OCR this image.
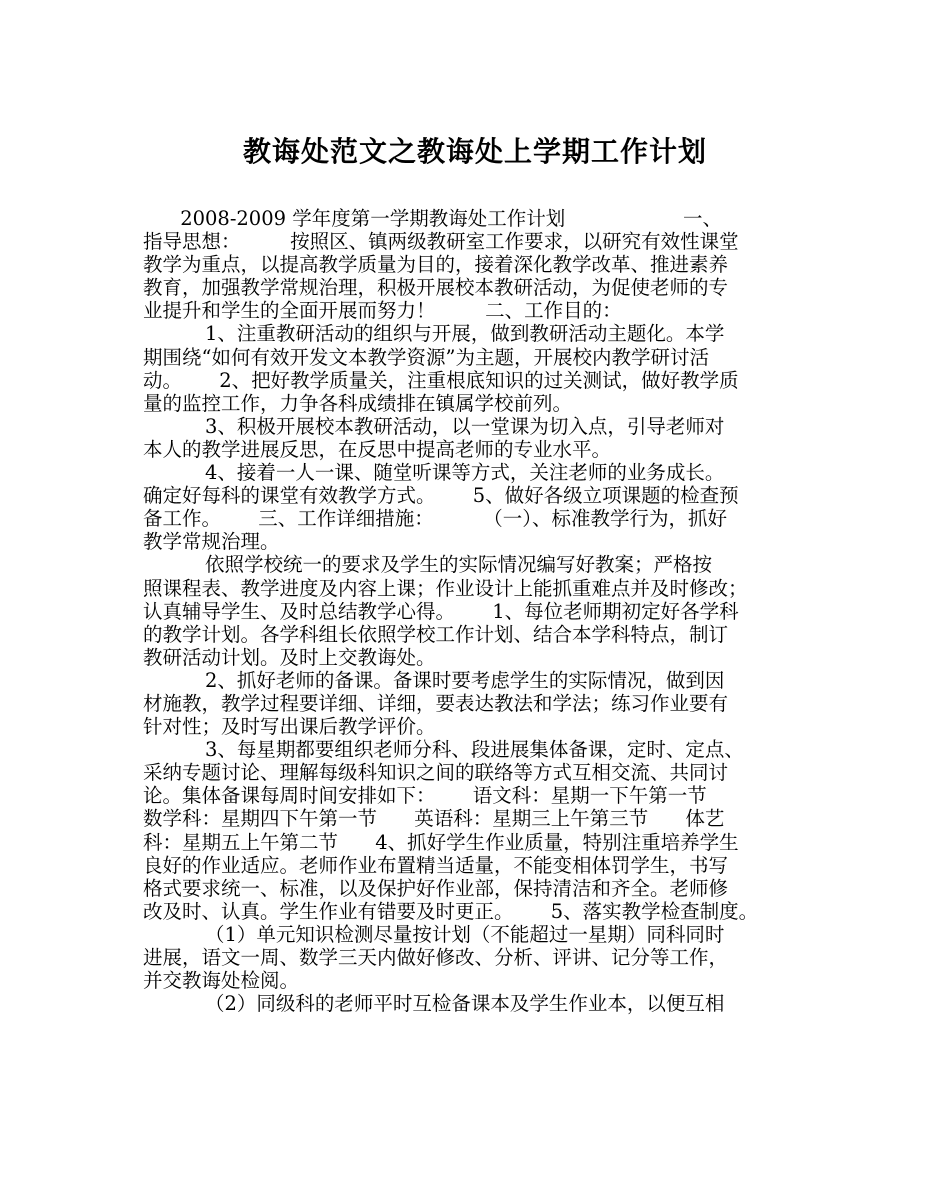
教诲处范文之教诲处上学期工作计划
2008-2009 学年度第一学期教诲处工作计划                   一、
指导思想：        按照区、镇两级教研室工作要求，以研究有效性课堂
教学为重点，以提高教学质量为目的，接着深化教学改革、推进素养
教育，加强教学常规治理，积极开展校本教研活动，为促使老师的专
业提升和学生的全面开展而努力！        二、工作目的：
1、注重教研活动的组织与开展，做到教研活动主题化。本学
期围绕“如何有效开发文本教学资源”为主题，开展校内教学研讨活
动。      2、把好教学质量关，注重根底知识的过关测试，做好教学质
量的监控工作，力争各科成绩排在镇属学校前列。
3、积极开展校本教研活动，以一堂课为切入点，引导老师对
本人的教学进展反思，在反思中提高老师的专业水平。
4、接着一人一课、随堂听课等方式，关注老师的业务成长。
确定好每科的课堂有效教学方式。      5、做好各级立项课题的检查预
备工作。      三、工作详细措施：        （一）、标准教学行为，抓好
教学常规治理。
依照学校统一的要求及学生的实际情况编写好教案；严格按
照课程表、教学进度及内容上课；作业设计上能抓重难点并及时修改；
认真辅导学生、及时总结教学心得。      1、每位老师期初定好各学科
的教学计划。各学科组长依照学校工作计划、结合本学科特点，制订
教研活动计划。及时上交教诲处。
2、抓好老师的备课。备课时要考虑学生的实际情况，做到因
材施教，教学过程要详细、详细，要表达教法和学法；练习作业要有
针对性；及时写出课后教学评价。
3、每星期都要组织老师分科、段进展集体备课，定时、定点、
采纳专题讨论、理解每级科知识之间的联络等方式互相交流、共同讨
论。集体备课每周时间安排如下：      语文科：星期一下午第一节
数学科：星期四下午第一节      英语科：星期三上午第三节      体艺
科：星期五上午第二节      4、抓好学生作业质量，特别注重培养学生
良好的作业适应。老师作业布置精当适量，不能变相体罚学生，书写
格式要求统一、标准，以及保护好作业部，保持清洁和齐全。老师修
改及时、认真。学生作业有错要及时更正。      5、落实教学检查制度。
（1）单元知识检测尽量按计划（不能超过一星期）同科同时
进展，语文一周、数学三天内做好修改、分析、评讲、记分等工作，
并交教诲处检阅。
（2）同级科的老师平时互检备课本及学生作业本，以便互相
